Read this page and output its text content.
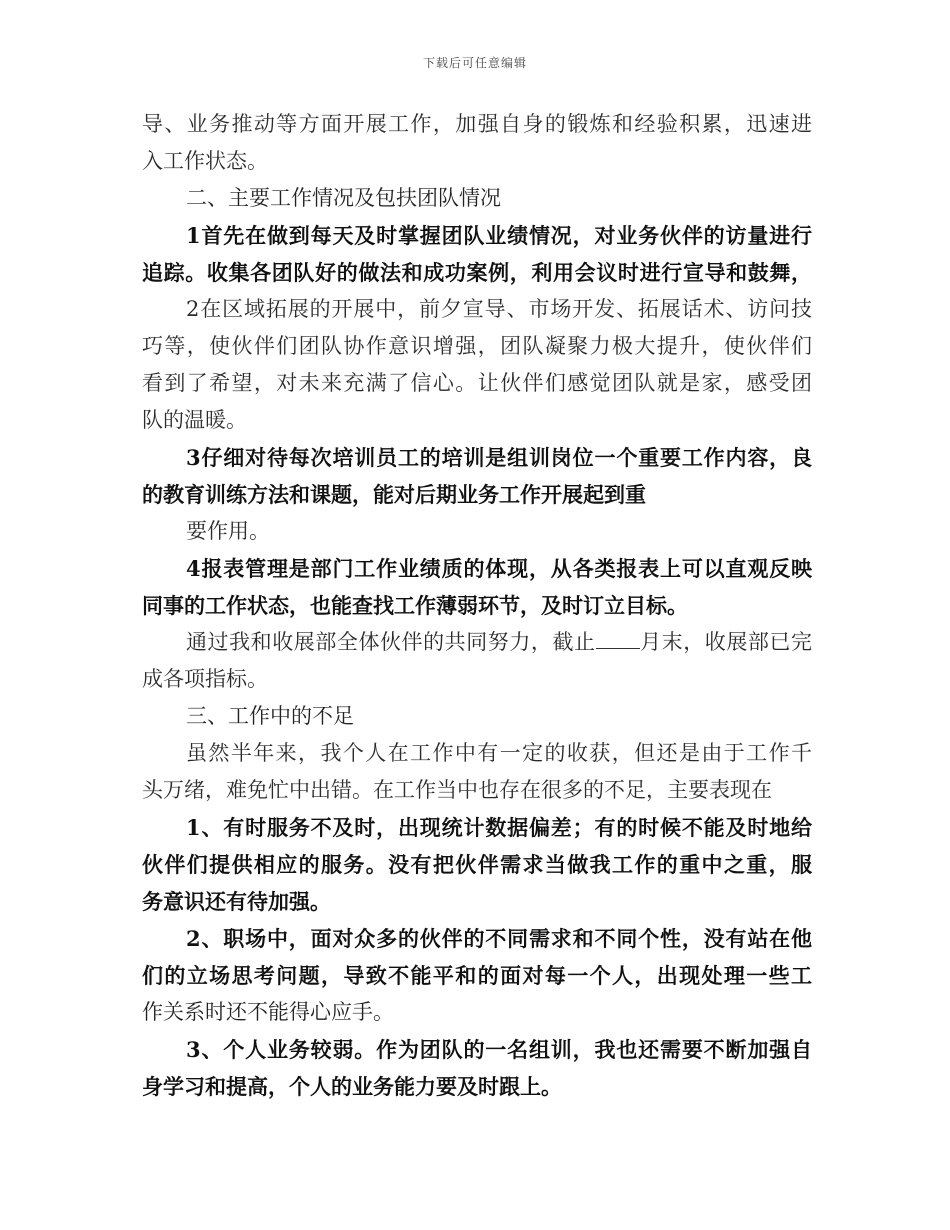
下载后可任意编辑
导、业务推动等方面开展工作，加强自身的锻炼和经验积累，迅速进
入工作状态。
二、主要工作情况及包扶团队情况
1首先在做到每天及时掌握团队业绩情况，对业务伙伴的访量进行
追踪。收集各团队好的做法和成功案例，利用会议时进行宣导和鼓舞，
2在区域拓展的开展中，前夕宣导、市场开发、拓展话术、访问技
巧等，使伙伴们团队协作意识增强，团队凝聚力极大提升，使伙伴们
看到了希望，对未来充满了信心。让伙伴们感觉团队就是家，感受团
队的温暖。
3仔细对待每次培训员工的培训是组训岗位一个重要工作内容，良
的教育训练方法和课题，能对后期业务工作开展起到重
要作用。
4报表管理是部门工作业绩质的体现，从各类报表上可以直观反映
同事的工作状态，也能查找工作薄弱环节，及时订立目标。
通过我和收展部全体伙伴的共同努力，截止 月末，收展部已完
成各项指标。
三、工作中的不足
虽然半年来，我个人在工作中有一定的收获，但还是由于工作千
头万绪，难免忙中出错。在工作当中也存在很多的不足，主要表现在
1、有时服务不及时，出现统计数据偏差；有的时候不能及时地给
伙伴们提供相应的服务。没有把伙伴需求当做我工作的重中之重，服
务意识还有待加强。
2、职场中，面对众多的伙伴的不同需求和不同个性，没有站在他
们的立场思考问题，导致不能平和的面对每一个人，出现处理一些工
作关系时还不能得心应手。
3、个人业务较弱。作为团队的一名组训，我也还需要不断加强自
身学习和提高，个人的业务能力要及时跟上。
